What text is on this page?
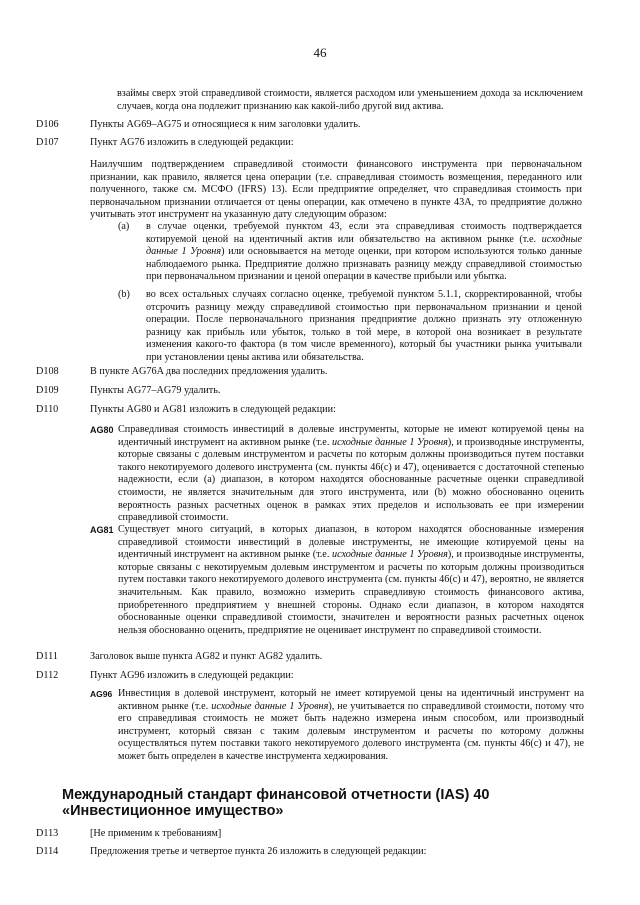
46
взаймы сверх этой справедливой стоимости, является расходом или уменьшением дохода за исключением случаев, когда она подлежит признанию как какой-либо другой вид актива.
D106	Пункты AG69–AG75 и относящиеся к ним заголовки удалить.
D107	Пункт AG76 изложить в следующей редакции:
Наилучшим подтверждением справедливой стоимости финансового инструмента при первоначальном признании, как правило, является цена операции (т.е. справедливая стоимость возмещения, переданного или полученного, также см. МСФО (IFRS) 13). Если предприятие определяет, что справедливая стоимость при первоначальном признании отличается от цены операции, как отмечено в пункте 43А, то предприятие должно учитывать этот инструмент на указанную дату следующим образом:
(a) в случае оценки, требуемой пунктом 43, если эта справедливая стоимость подтверждается котируемой ценой на идентичный актив или обязательство на активном рынке (т.е. исходные данные 1 Уровня) или основывается на методе оценки, при котором используются только данные наблюдаемого рынка. Предприятие должно признавать разницу между справедливой стоимостью при первоначальном признании и ценой операции в качестве прибыли или убытка.
(b) во всех остальных случаях согласно оценке, требуемой пунктом 5.1.1, скорректированной, чтобы отсрочить разницу между справедливой стоимостью при первоначальном признании и ценой операции. После первоначального признания предприятие должно признать эту отложенную разницу как прибыль или убыток, только в той мере, в которой она возникает в результате изменения какого-то фактора (в том числе временного), который бы участники рынка учитывали при установлении цены актива или обязательства.
D108	В пункте AG76A два последних предложения удалить.
D109	Пункты AG77–AG79 удалить.
D110	Пункты AG80 и AG81 изложить в следующей редакции:
AG80 Справедливая стоимость инвестиций в долевые инструменты, которые не имеют котируемой цены на идентичный инструмент на активном рынке (т.е. исходные данные 1 Уровня), и производные инструменты, которые связаны с долевым инструментом и расчеты по которым должны производиться путем поставки такого некотируемого долевого инструмента (см. пункты 46(c) и 47), оценивается с достаточной степенью надежности, если (a) диапазон, в котором находятся обоснованные расчетные оценки справедливой стоимости, не является значительным для этого инструмента, или (b) можно обоснованно оценить вероятность разных расчетных оценок в рамках этих пределов и использовать ее при измерении справедливой стоимости.
AG81 Существует много ситуаций, в которых диапазон, в котором находятся обоснованные измерения справедливой стоимости инвестиций в долевые инструменты, не имеющие котируемой цены на идентичный инструмент на активном рынке (т.е. исходные данные 1 Уровня), и производные инструменты, которые связаны с некотируемым долевым инструментом и расчеты по которым должны производиться путем поставки такого некотируемого долевого инструмента (см. пункты 46(c) и 47), вероятно, не является значительным. Как правило, возможно измерить справедливую стоимость финансового актива, приобретенного предприятием у внешней стороны. Однако если диапазон, в котором находятся обоснованные оценки справедливой стоимости, значителен и вероятности разных расчетных оценок нельзя обоснованно оценить, предприятие не оценивает инструмент по справедливой стоимости.
D111	Заголовок выше пункта AG82 и пункт AG82 удалить.
D112	Пункт AG96 изложить в следующей редакции:
AG96 Инвестиция в долевой инструмент, который не имеет котируемой цены на идентичный инструмент на активном рынке (т.е. исходные данные 1 Уровня), не учитывается по справедливой стоимости, потому что его справедливая стоимость не может быть надежно измерена иным способом, или производный инструмент, который связан с таким долевым инструментом и расчеты по которому должны осуществляться путем поставки такого некотируемого долевого инструмента (см. пункты 46(c) и 47), не может быть определен в качестве инструмента хеджирования.
Международный стандарт финансовой отчетности (IAS) 40
«Инвестиционное имущество»
D113	[Не применим к требованиям]
D114	Предложения третье и четвертое пункта 26 изложить в следующей редакции:
